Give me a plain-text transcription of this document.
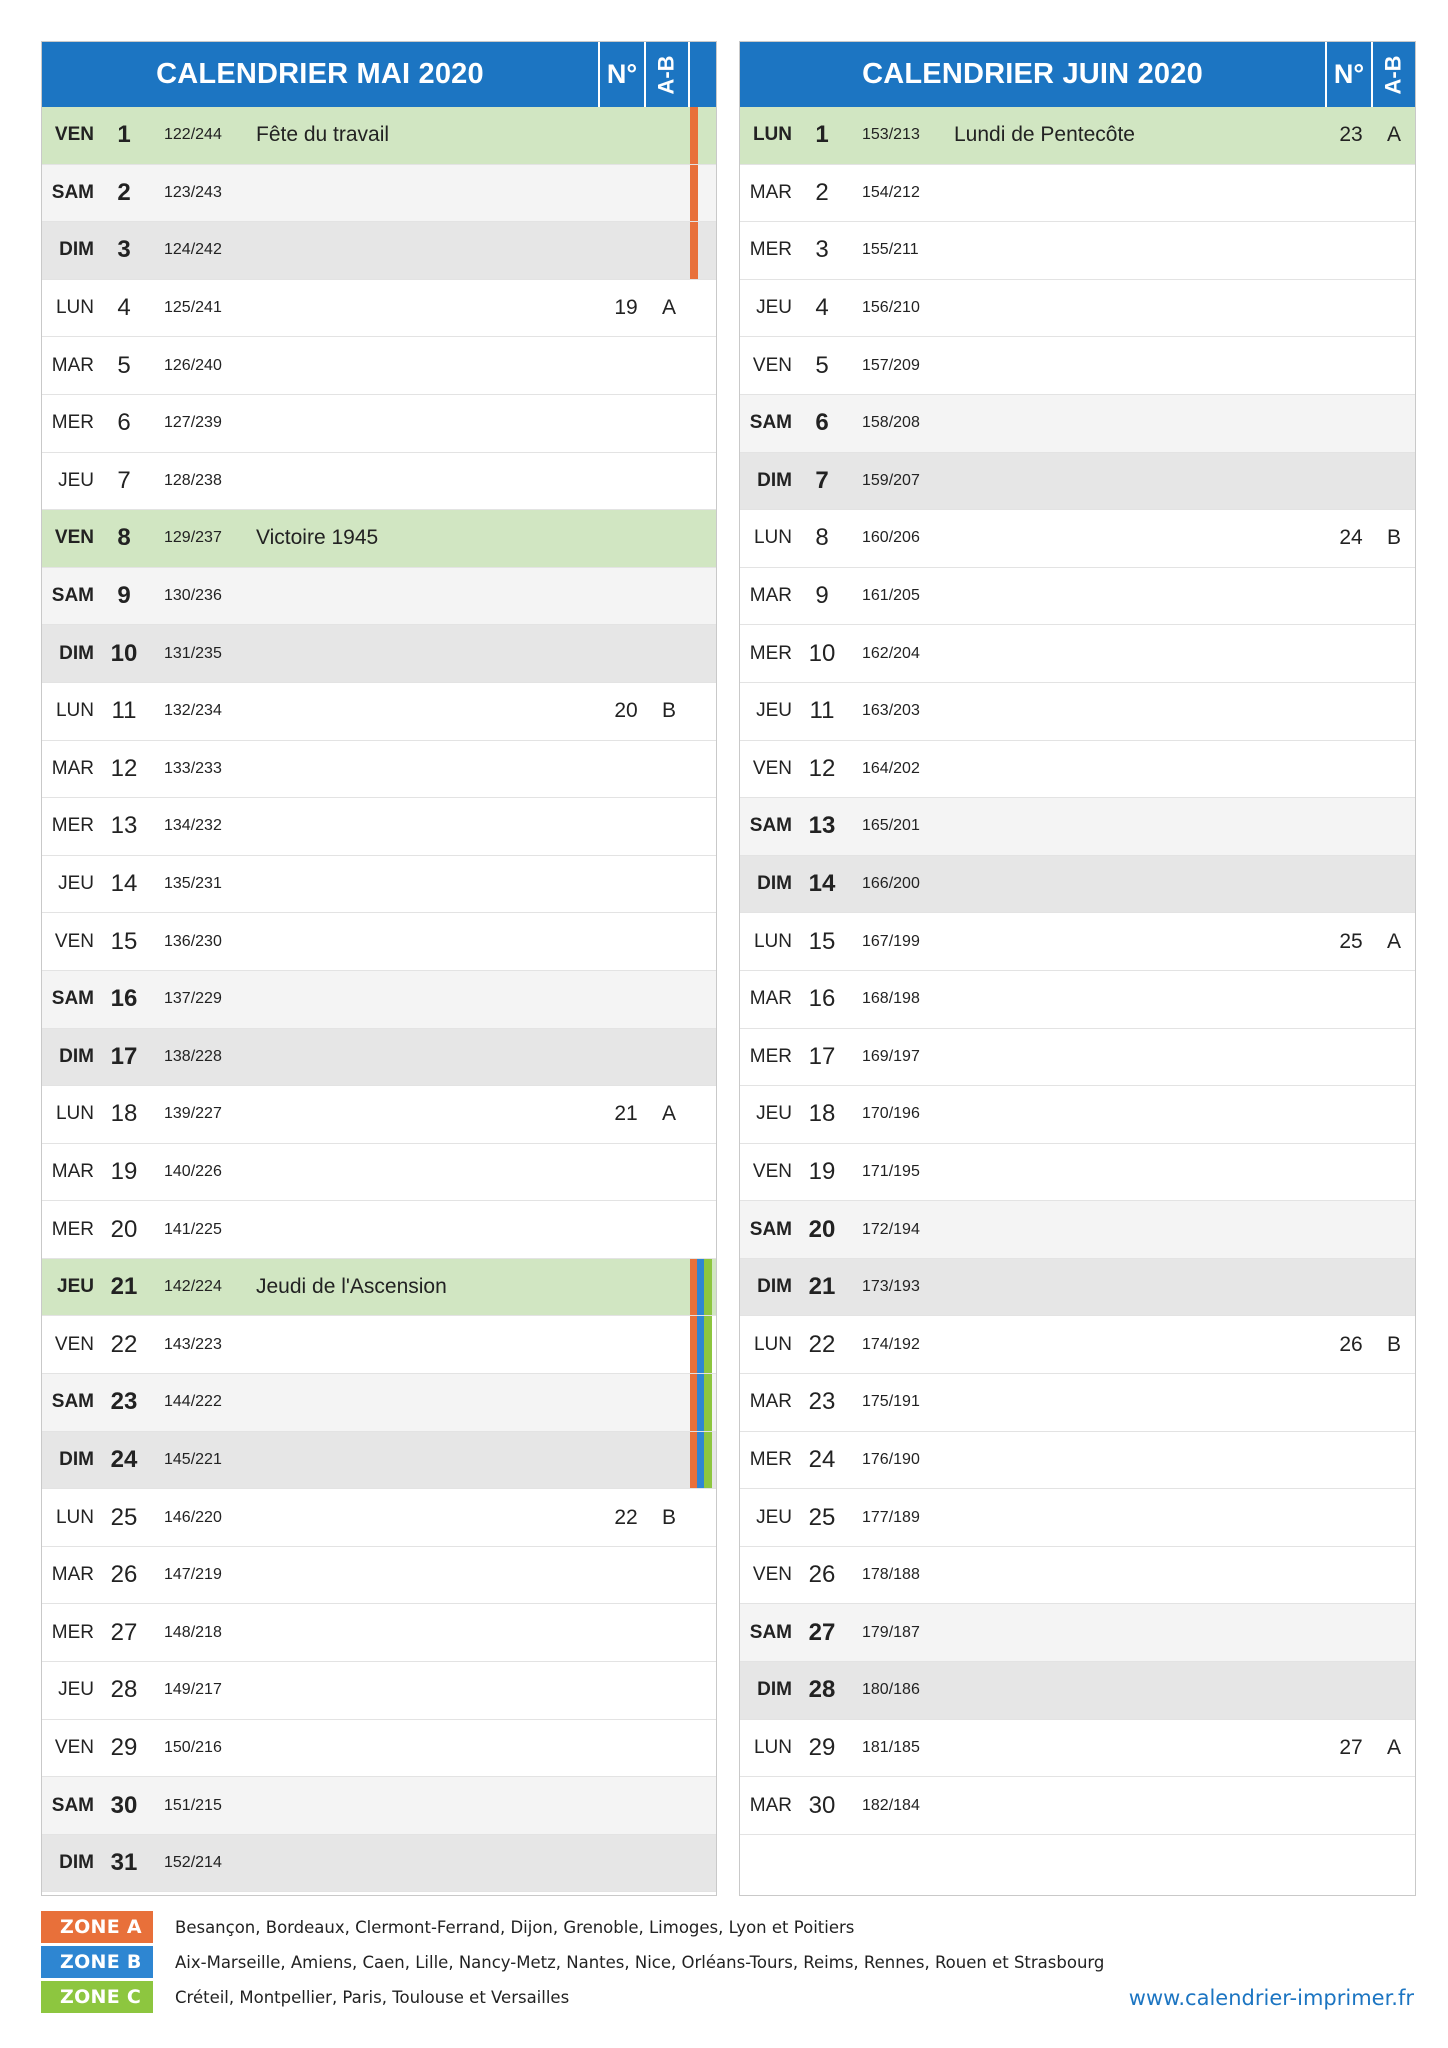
CALENDRIER MAI 2020	N° A-B
VEN 1	122/244	Fête du travail
SAM 2	123/243
DIM 3	124/242
LUN 4	125/241	19	A
MAR 5	126/240
MER 6	127/239
JEU 7	128/238
VEN 8	129/237	Victoire 1945
SAM 9	130/236
DIM 10	131/235
LUN 11	132/234	20	B
MAR 12	133/233
MER 13	134/232
JEU 14	135/231
VEN 15	136/230
SAM 16	137/229
DIM 17	138/228
LUN 18	139/227	21	A
MAR 19	140/226
MER 20	141/225
JEU 21	142/224	Jeudi de l'Ascension
VEN 22	143/223
SAM 23	144/222
DIM 24	145/221
LUN 25	146/220	22	B
MAR 26	147/219
MER 27	148/218
JEU 28	149/217
VEN 29	150/216
SAM 30	151/215
DIM 31	152/214
CALENDRIER JUIN 2020	N° A-B
LUN 1	153/213	Lundi de Pentecôte	23	A
MAR 2	154/212
MER 3	155/211
JEU 4	156/210
VEN 5	157/209
SAM 6	158/208
DIM 7	159/207
LUN 8	160/206	24	B
MAR 9	161/205
MER 10	162/204
JEU 11	163/203
VEN 12	164/202
SAM 13	165/201
DIM 14	166/200
LUN 15	167/199	25	A
MAR 16	168/198
MER 17	169/197
JEU 18	170/196
VEN 19	171/195
SAM 20	172/194
DIM 21	173/193
LUN 22	174/192	26	B
MAR 23	175/191
MER 24	176/190
JEU 25	177/189
VEN 26	178/188
SAM 27	179/187
DIM 28	180/186
LUN 29	181/185	27	A
MAR 30	182/184
ZONE A	Besançon, Bordeaux, Clermont-Ferrand, Dijon, Grenoble, Limoges, Lyon et Poitiers
ZONE B	Aix-Marseille, Amiens, Caen, Lille, Nancy-Metz, Nantes, Nice, Orléans-Tours, Reims, Rennes, Rouen et Strasbourg
ZONE C	Créteil, Montpellier, Paris, Toulouse et Versailles	www.calendrier-imprimer.fr
